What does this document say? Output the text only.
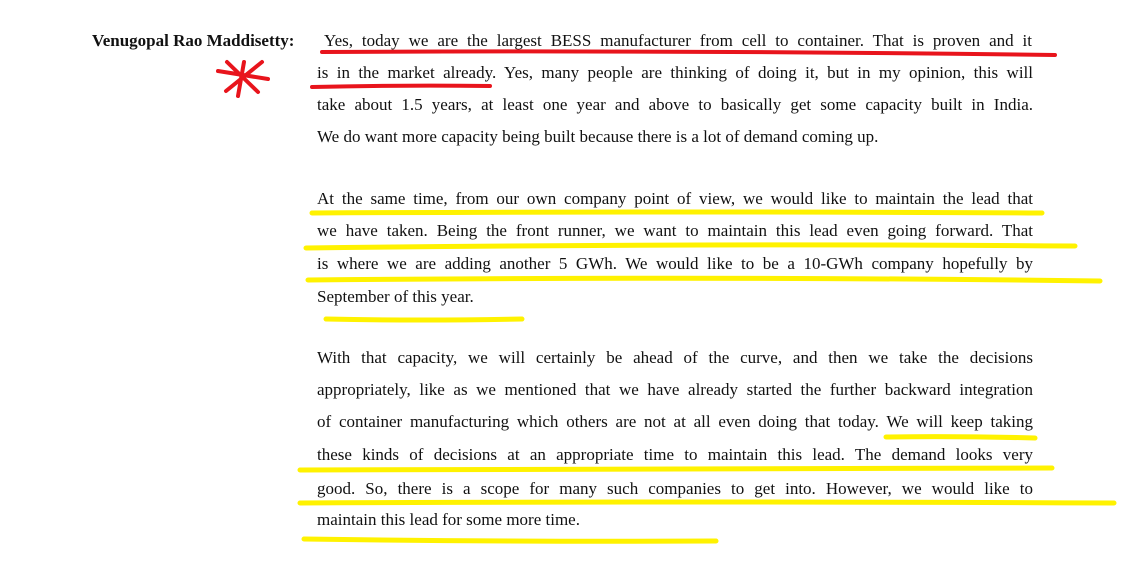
Venugopal Rao Maddisetty: Yes, today we are the largest BESS manufacturer from cell to container. That is proven and it
is in the market already. Yes, many people are thinking of doing it, but in my opinion, this will
take about 1.5 years, at least one year and above to basically get some capacity built in India.
We do want more capacity being built because there is a lot of demand coming up.
At the same time, from our own company point of view, we would like to maintain the lead that
we have taken. Being the front runner, we want to maintain this lead even going forward. That
is where we are adding another 5 GWh. We would like to be a 10-GWh company hopefully by
September of this year.
With that capacity, we will certainly be ahead of the curve, and then we take the decisions
appropriately, like as we mentioned that we have already started the further backward integration
of container manufacturing which others are not at all even doing that today. We will keep taking
these kinds of decisions at an appropriate time to maintain this lead. The demand looks very
good. So, there is a scope for many such companies to get into. However, we would like to
maintain this lead for some more time.
